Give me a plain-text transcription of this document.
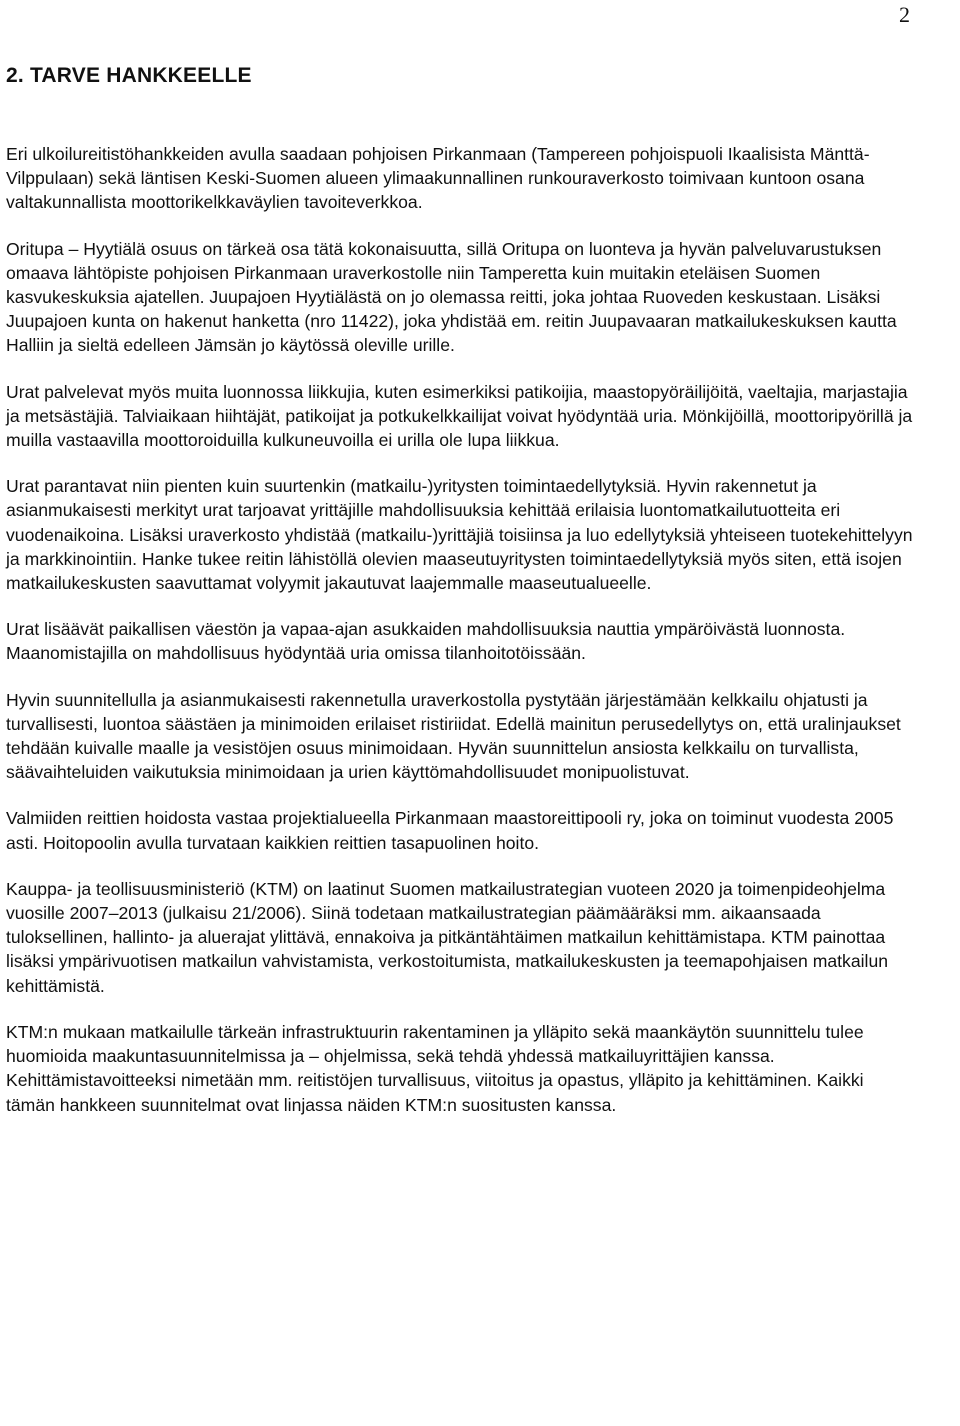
2
2. TARVE HANKKEELLE

Eri ulkoilureitistöhankkeiden avulla saadaan pohjoisen Pirkanmaan (Tampereen pohjoispuoli Ikaalisista Mänttä-Vilppulaan) sekä läntisen Keski-Suomen alueen ylimaakunnallinen runkouraverkosto toimivaan kuntoon osana valtakunnallista moottorikelkkaväylien tavoiteverkkoa.

Oritupa – Hyytiälä osuus on tärkeä osa tätä kokonaisuutta, sillä Oritupa on luonteva ja hyvän palveluvarustuksen omaava lähtöpiste pohjoisen Pirkanmaan uraverkostolle niin Tamperetta kuin muitakin eteläisen Suomen kasvukeskuksia ajatellen. Juupajoen Hyytiälästä on jo olemassa reitti, joka johtaa Ruoveden keskustaan. Lisäksi Juupajoen kunta on hakenut hanketta (nro 11422), joka yhdistää em. reitin Juupavaaran matkailukeskuksen kautta Halliin ja sieltä edelleen Jämsän jo käytössä oleville urille.

Urat palvelevat myös muita luonnossa liikkujia, kuten esimerkiksi patikoijia, maastopyöräilijöitä, vaeltajia, marjastajia ja metsästäjiä. Talviaikaan hiihtäjät, patikoijat ja potkukelkkailijat voivat hyödyntää uria. Mönkijöillä, moottoripyörillä ja muilla vastaavilla moottoroiduilla kulkuneuvoilla ei urilla ole lupa liikkua.

Urat parantavat niin pienten kuin suurtenkin (matkailu-)yritysten toimintaedellytyksiä. Hyvin rakennetut ja asianmukaisesti merkityt urat tarjoavat yrittäjille mahdollisuuksia kehittää erilaisia luontomatkailutuotteita eri vuodenaikoina. Lisäksi uraverkosto yhdistää (matkailu-)yrittäjiä toisiinsa ja luo edellytyksiä yhteiseen tuotekehittelyyn ja markkinointiin. Hanke tukee reitin lähistöllä olevien maaseutuyritysten toimintaedellytyksiä myös siten, että isojen matkailukeskusten saavuttamat volyymit jakautuvat laajemmalle maaseutualueelle.

Urat lisäävät paikallisen väestön ja vapaa-ajan asukkaiden mahdollisuuksia nauttia ympäröivästä luonnosta. Maanomistajilla on mahdollisuus hyödyntää uria omissa tilanhoitotöissään.

Hyvin suunnitellulla ja asianmukaisesti rakennetulla uraverkostolla pystytään järjestämään kelkkailu ohjatusti ja turvallisesti, luontoa säästäen ja minimoiden erilaiset ristiriidat. Edellä mainitun perusedellytys on, että uralinjaukset tehdään kuivalle maalle ja vesistöjen osuus minimoidaan. Hyvän suunnittelun ansiosta kelkkailu on turvallista, säävaihteluiden vaikutuksia minimoidaan ja urien käyttömahdollisuudet monipuolistuvat.

Valmiiden reittien hoidosta vastaa projektialueella Pirkanmaan maastoreittipooli ry, joka on toiminut vuodesta 2005 asti. Hoitopoolin avulla turvataan kaikkien reittien tasapuolinen hoito.

Kauppa- ja teollisuusministeriö (KTM) on laatinut Suomen matkailustrategian vuoteen 2020 ja toimenpideohjelma vuosille 2007–2013 (julkaisu 21/2006). Siinä todetaan matkailustrategian päämääräksi mm. aikaansaada tuloksellinen, hallinto- ja aluerajat ylittävä, ennakoiva ja pitkäntähtäimen matkailun kehittämistapa. KTM painottaa lisäksi ympärivuotisen matkailun vahvistamista, verkostoitumista, matkailukeskusten ja teemapohjaisen matkailun kehittämistä.

KTM:n mukaan matkailulle tärkeän infrastruktuurin rakentaminen ja ylläpito sekä maankäytön suunnittelu tulee huomioida maakuntasuunnitelmissa ja – ohjelmissa, sekä tehdä yhdessä matkailuyrittäjien kanssa. Kehittämistavoitteeksi nimetään mm. reitistöjen turvallisuus, viitoitus ja opastus, ylläpito ja kehittäminen. Kaikki tämän hankkeen suunnitelmat ovat linjassa näiden KTM:n suositusten kanssa.
